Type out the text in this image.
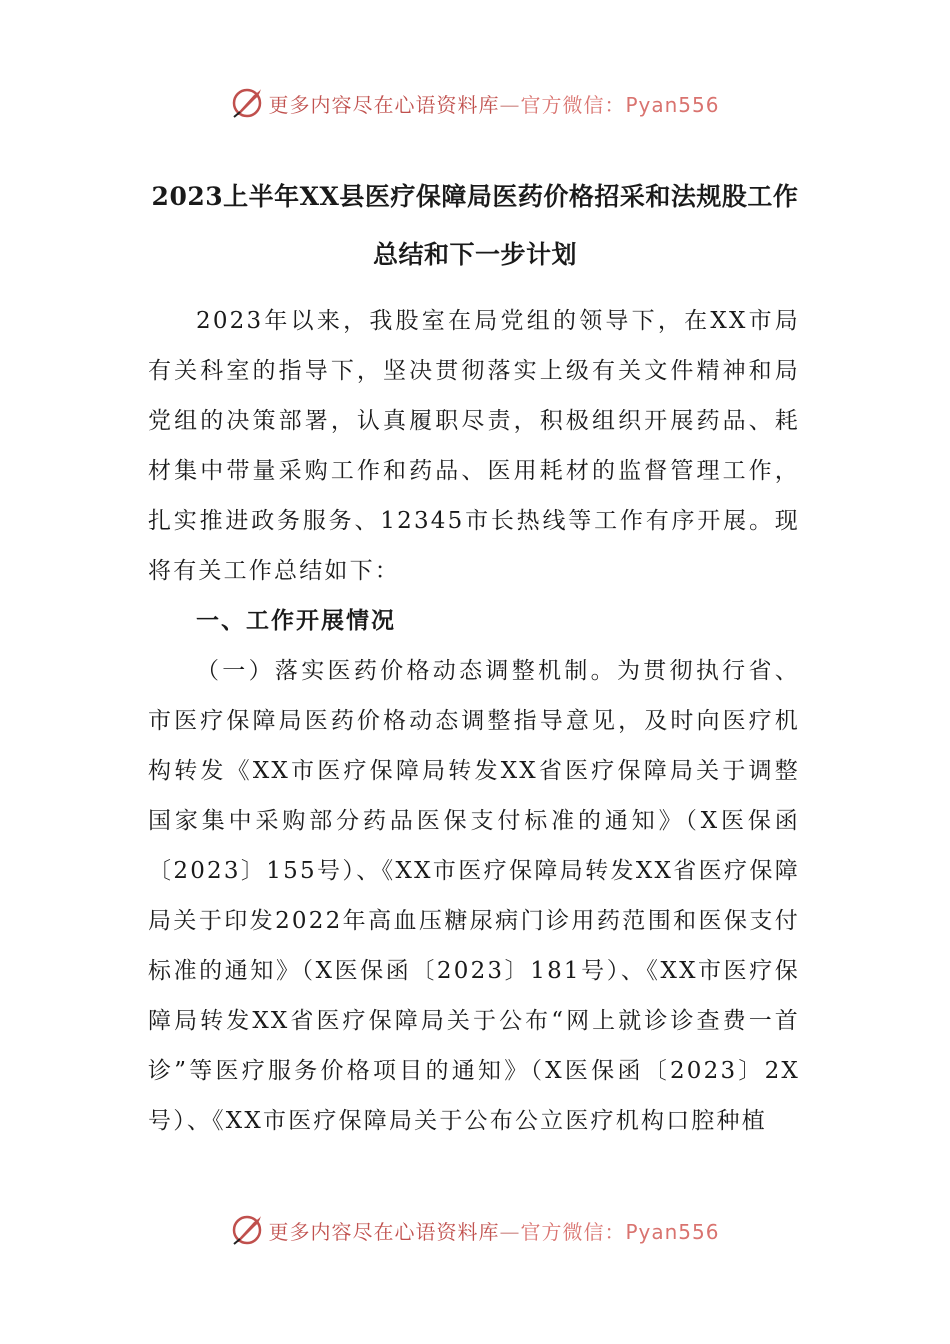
更多内容尽在心语资料库—官方微信：Pyan556
2023上半年XX县医疗保障局医药价格招采和法规股工作总结和下一步计划

2023年以来，我股室在局党组的领导下，在XX市局有关科室的指导下，坚决贯彻落实上级有关文件精神和局党组的决策部署，认真履职尽责，积极组织开展药品、耗材集中带量采购工作和药品、医用耗材的监督管理工作，扎实推进政务服务、12345市长热线等工作有序开展。现将有关工作总结如下：

一、工作开展情况

（一）落实医药价格动态调整机制。为贯彻执行省、市医疗保障局医药价格动态调整指导意见，及时向医疗机构转发《XX市医疗保障局转发XX省医疗保障局关于调整国家集中采购部分药品医保支付标准的通知》（X医保函〔2023〕155号）、《XX市医疗保障局转发XX省医疗保障局关于印发2022年高血压糖尿病门诊用药范围和医保支付标准的通知》（X医保函〔2023〕181号）、《XX市医疗保障局转发XX省医疗保障局关于公布“网上就诊诊查费一首诊”等医疗服务价格项目的通知》（X医保函〔2023〕2X号）、《XX市医疗保障局关于公布公立医疗机构口腔种植

更多内容尽在心语资料库—官方微信：Pyan556
